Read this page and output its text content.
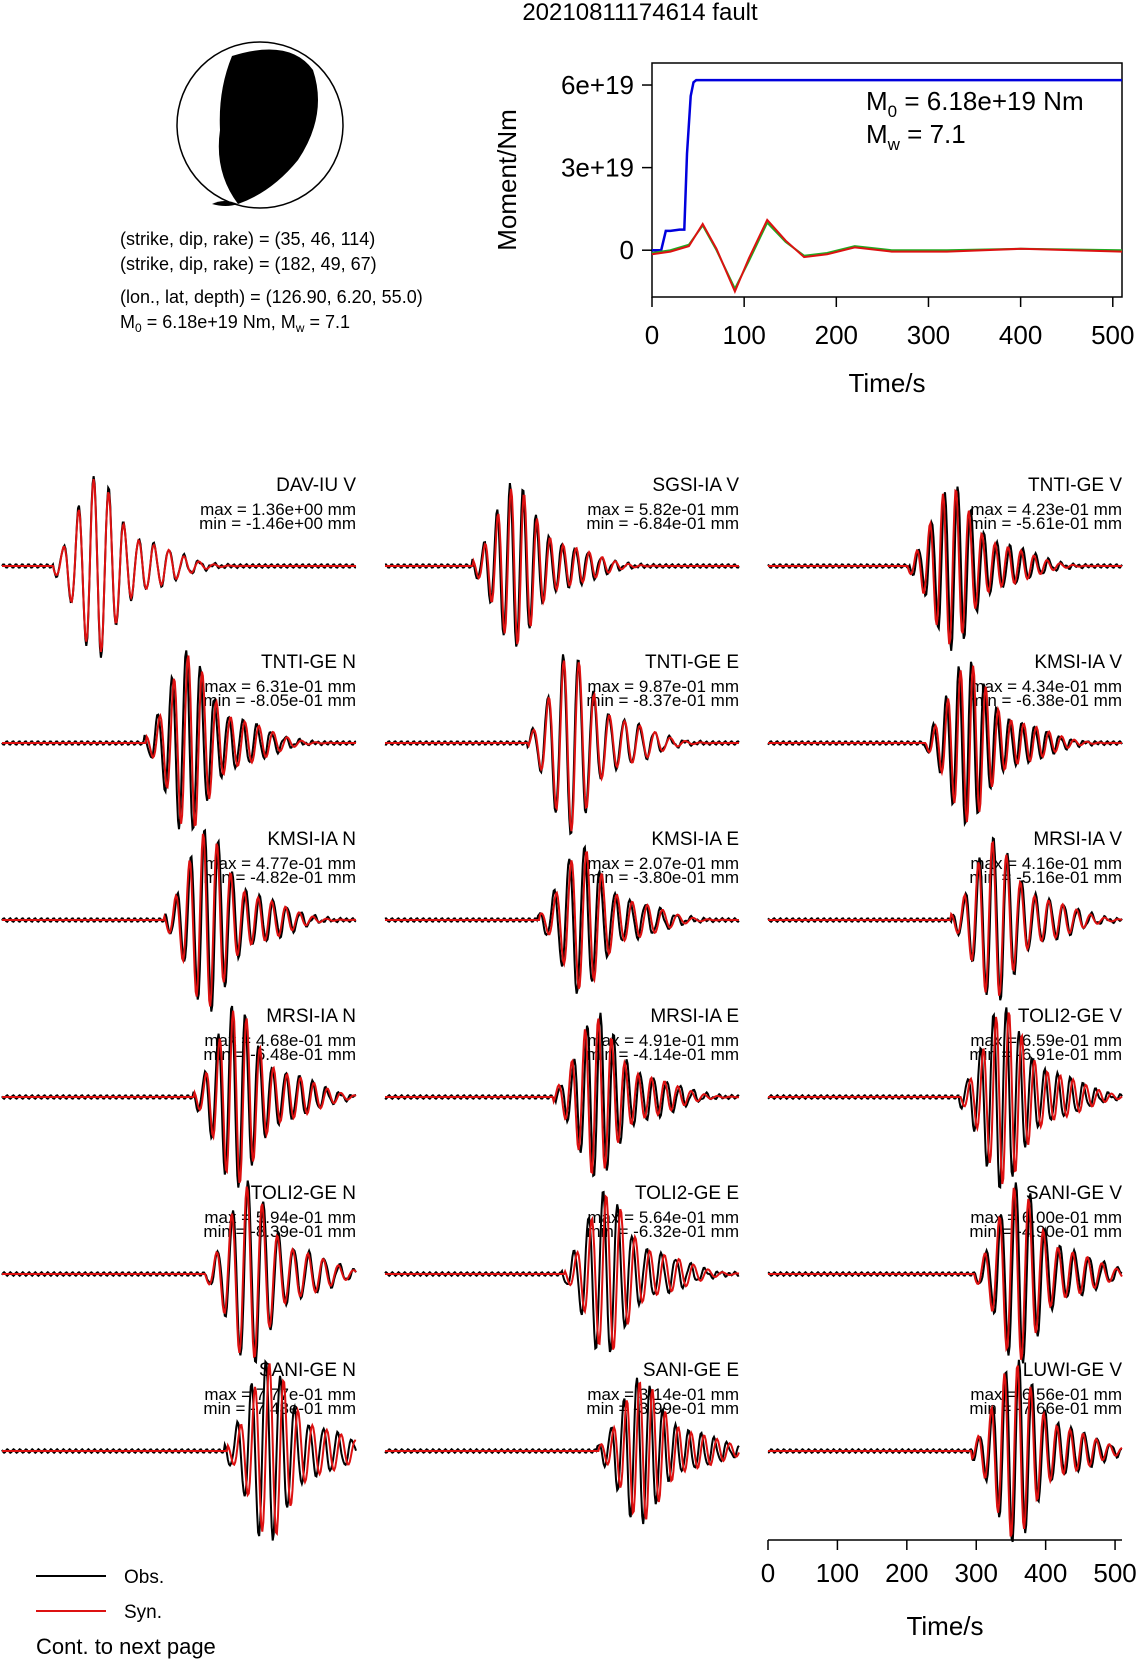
20210811174614 fault
(strike, dip, rake) = (35, 46, 114)
(strike, dip, rake) = (182, 49, 67)
(lon., lat, depth) = (126.90, 6.20, 55.0)
$M_0 = 6.18e+19$ Nm, $M_w = 7.1$
Moment/Nm
Time/s
$M_0 = 6.18e+19$ Nm
$M_w = 7.1$
0
3e+19
6e+19
0 100 200 300 400 500
DAV-IU V
max = 1.36e+00 mm
min = -1.46e+00 mm
SGSI-IA V
max = 5.82e-01 mm
min = -6.84e-01 mm
TNTI-GE V
max = 4.23e-01 mm
min = -5.61e-01 mm
TNTI-GE N
max = 6.31e-01 mm
min = -8.05e-01 mm
TNTI-GE E
max = 9.87e-01 mm
min = -8.37e-01 mm
KMSI-IA V
max = 4.34e-01 mm
min = -6.38e-01 mm
KMSI-IA N
max = 4.77e-01 mm
min = -4.82e-01 mm
KMSI-IA E
max = 2.07e-01 mm
min = -3.80e-01 mm
MRSI-IA V
max = 4.16e-01 mm
min = -5.16e-01 mm
MRSI-IA N
max = 4.68e-01 mm
min = -6.48e-01 mm
MRSI-IA E
max = 4.91e-01 mm
min = -4.14e-01 mm
TOLI2-GE V
max = 6.59e-01 mm
min = -6.91e-01 mm
TOLI2-GE N
max = 5.94e-01 mm
min = -8.39e-01 mm
TOLI2-GE E
max = 5.64e-01 mm
min = -6.32e-01 mm
SANI-GE V
max = 6.00e-01 mm
min = -4.90e-01 mm
SANI-GE N
max = 7.77e-01 mm
min = -7.48e-01 mm
SANI-GE E
max = 3.14e-01 mm
min = -3.99e-01 mm
LUWI-GE V
max = 6.56e-01 mm
min = -7.66e-01 mm
Time/s
0 100 200 300 400 500
Obs.
Syn.
Cont. to next page
